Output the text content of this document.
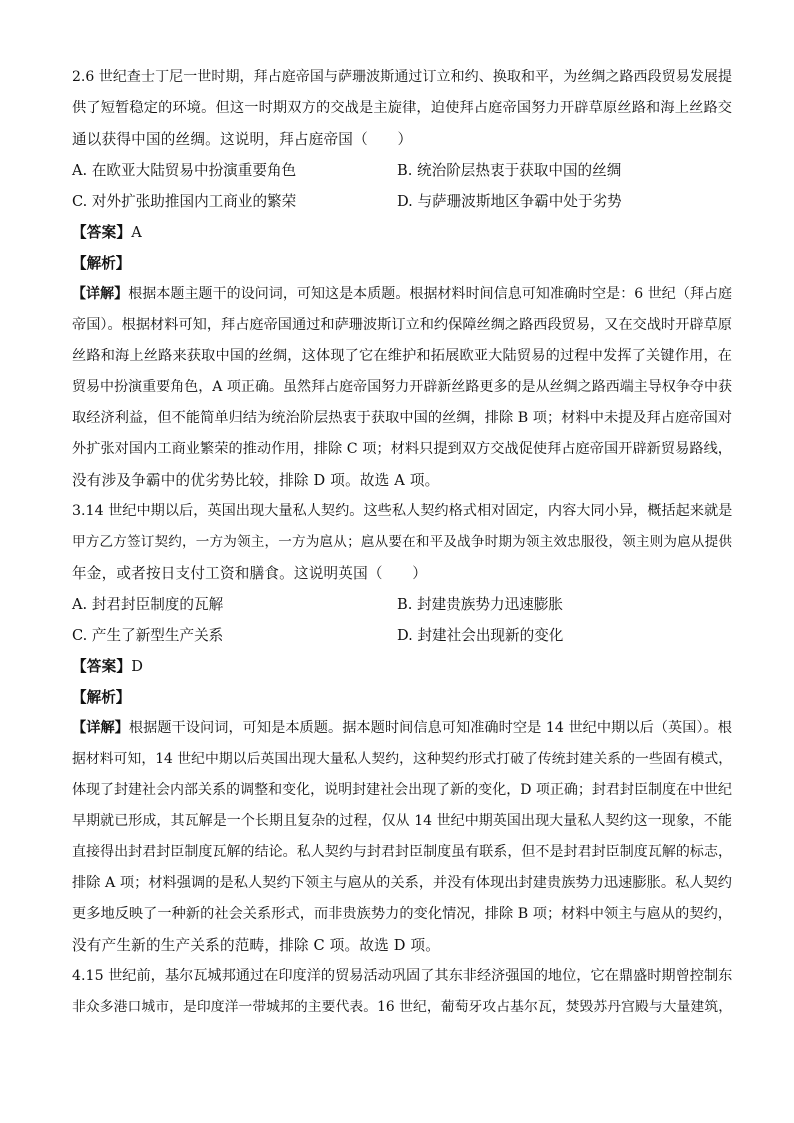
2.6 世纪查士丁尼一世时期，拜占庭帝国与萨珊波斯通过订立和约、换取和平，为丝绸之路西段贸易发展提
供了短暂稳定的环境。但这一时期双方的交战是主旋律，迫使拜占庭帝国努力开辟草原丝路和海上丝路交
通以获得中国的丝绸。这说明，拜占庭帝国（　　）
A. 在欧亚大陆贸易中扮演重要角色	B. 统治阶层热衷于获取中国的丝绸
C. 对外扩张助推国内工商业的繁荣	D. 与萨珊波斯地区争霸中处于劣势
【答案】A
【解析】
【详解】根据本题主题干的设问词，可知这是本质题。根据材料时间信息可知准确时空是：6 世纪（拜占庭
帝国）。根据材料可知，拜占庭帝国通过和萨珊波斯订立和约保障丝绸之路西段贸易，又在交战时开辟草原
丝路和海上丝路来获取中国的丝绸，这体现了它在维护和拓展欧亚大陆贸易的过程中发挥了关键作用，在
贸易中扮演重要角色，A 项正确。虽然拜占庭帝国努力开辟新丝路更多的是从丝绸之路西端主导权争夺中获
取经济利益，但不能简单归结为统治阶层热衷于获取中国的丝绸，排除 B 项；材料中未提及拜占庭帝国对
外扩张对国内工商业繁荣的推动作用，排除 C 项；材料只提到双方交战促使拜占庭帝国开辟新贸易路线，
没有涉及争霸中的优劣势比较，排除 D 项。故选 A 项。
3.14 世纪中期以后，英国出现大量私人契约。这些私人契约格式相对固定，内容大同小异，概括起来就是
甲方乙方签订契约，一方为领主，一方为扈从；扈从要在和平及战争时期为领主效忠服役，领主则为扈从提供
年金，或者按日支付工资和膳食。这说明英国（　　）
A. 封君封臣制度的瓦解	B. 封建贵族势力迅速膨胀
C. 产生了新型生产关系	D. 封建社会出现新的变化
【答案】D
【解析】
【详解】根据题干设问词，可知是本质题。据本题时间信息可知准确时空是 14 世纪中期以后（英国）。根
据材料可知，14 世纪中期以后英国出现大量私人契约，这种契约形式打破了传统封建关系的一些固有模式，
体现了封建社会内部关系的调整和变化，说明封建社会出现了新的变化，D 项正确；封君封臣制度在中世纪
早期就已形成，其瓦解是一个长期且复杂的过程，仅从 14 世纪中期英国出现大量私人契约这一现象，不能
直接得出封君封臣制度瓦解的结论。私人契约与封君封臣制度虽有联系，但不是封君封臣制度瓦解的标志，
排除 A 项；材料强调的是私人契约下领主与扈从的关系，并没有体现出封建贵族势力迅速膨胀。私人契约
更多地反映了一种新的社会关系形式，而非贵族势力的变化情况，排除 B 项；材料中领主与扈从的契约，
没有产生新的生产关系的范畴，排除 C 项。故选 D 项。
4.15 世纪前，基尔瓦城邦通过在印度洋的贸易活动巩固了其东非经济强国的地位，它在鼎盛时期曾控制东
非众多港口城市，是印度洋一带城邦的主要代表。16 世纪，葡萄牙攻占基尔瓦，焚毁苏丹宫殿与大量建筑，
